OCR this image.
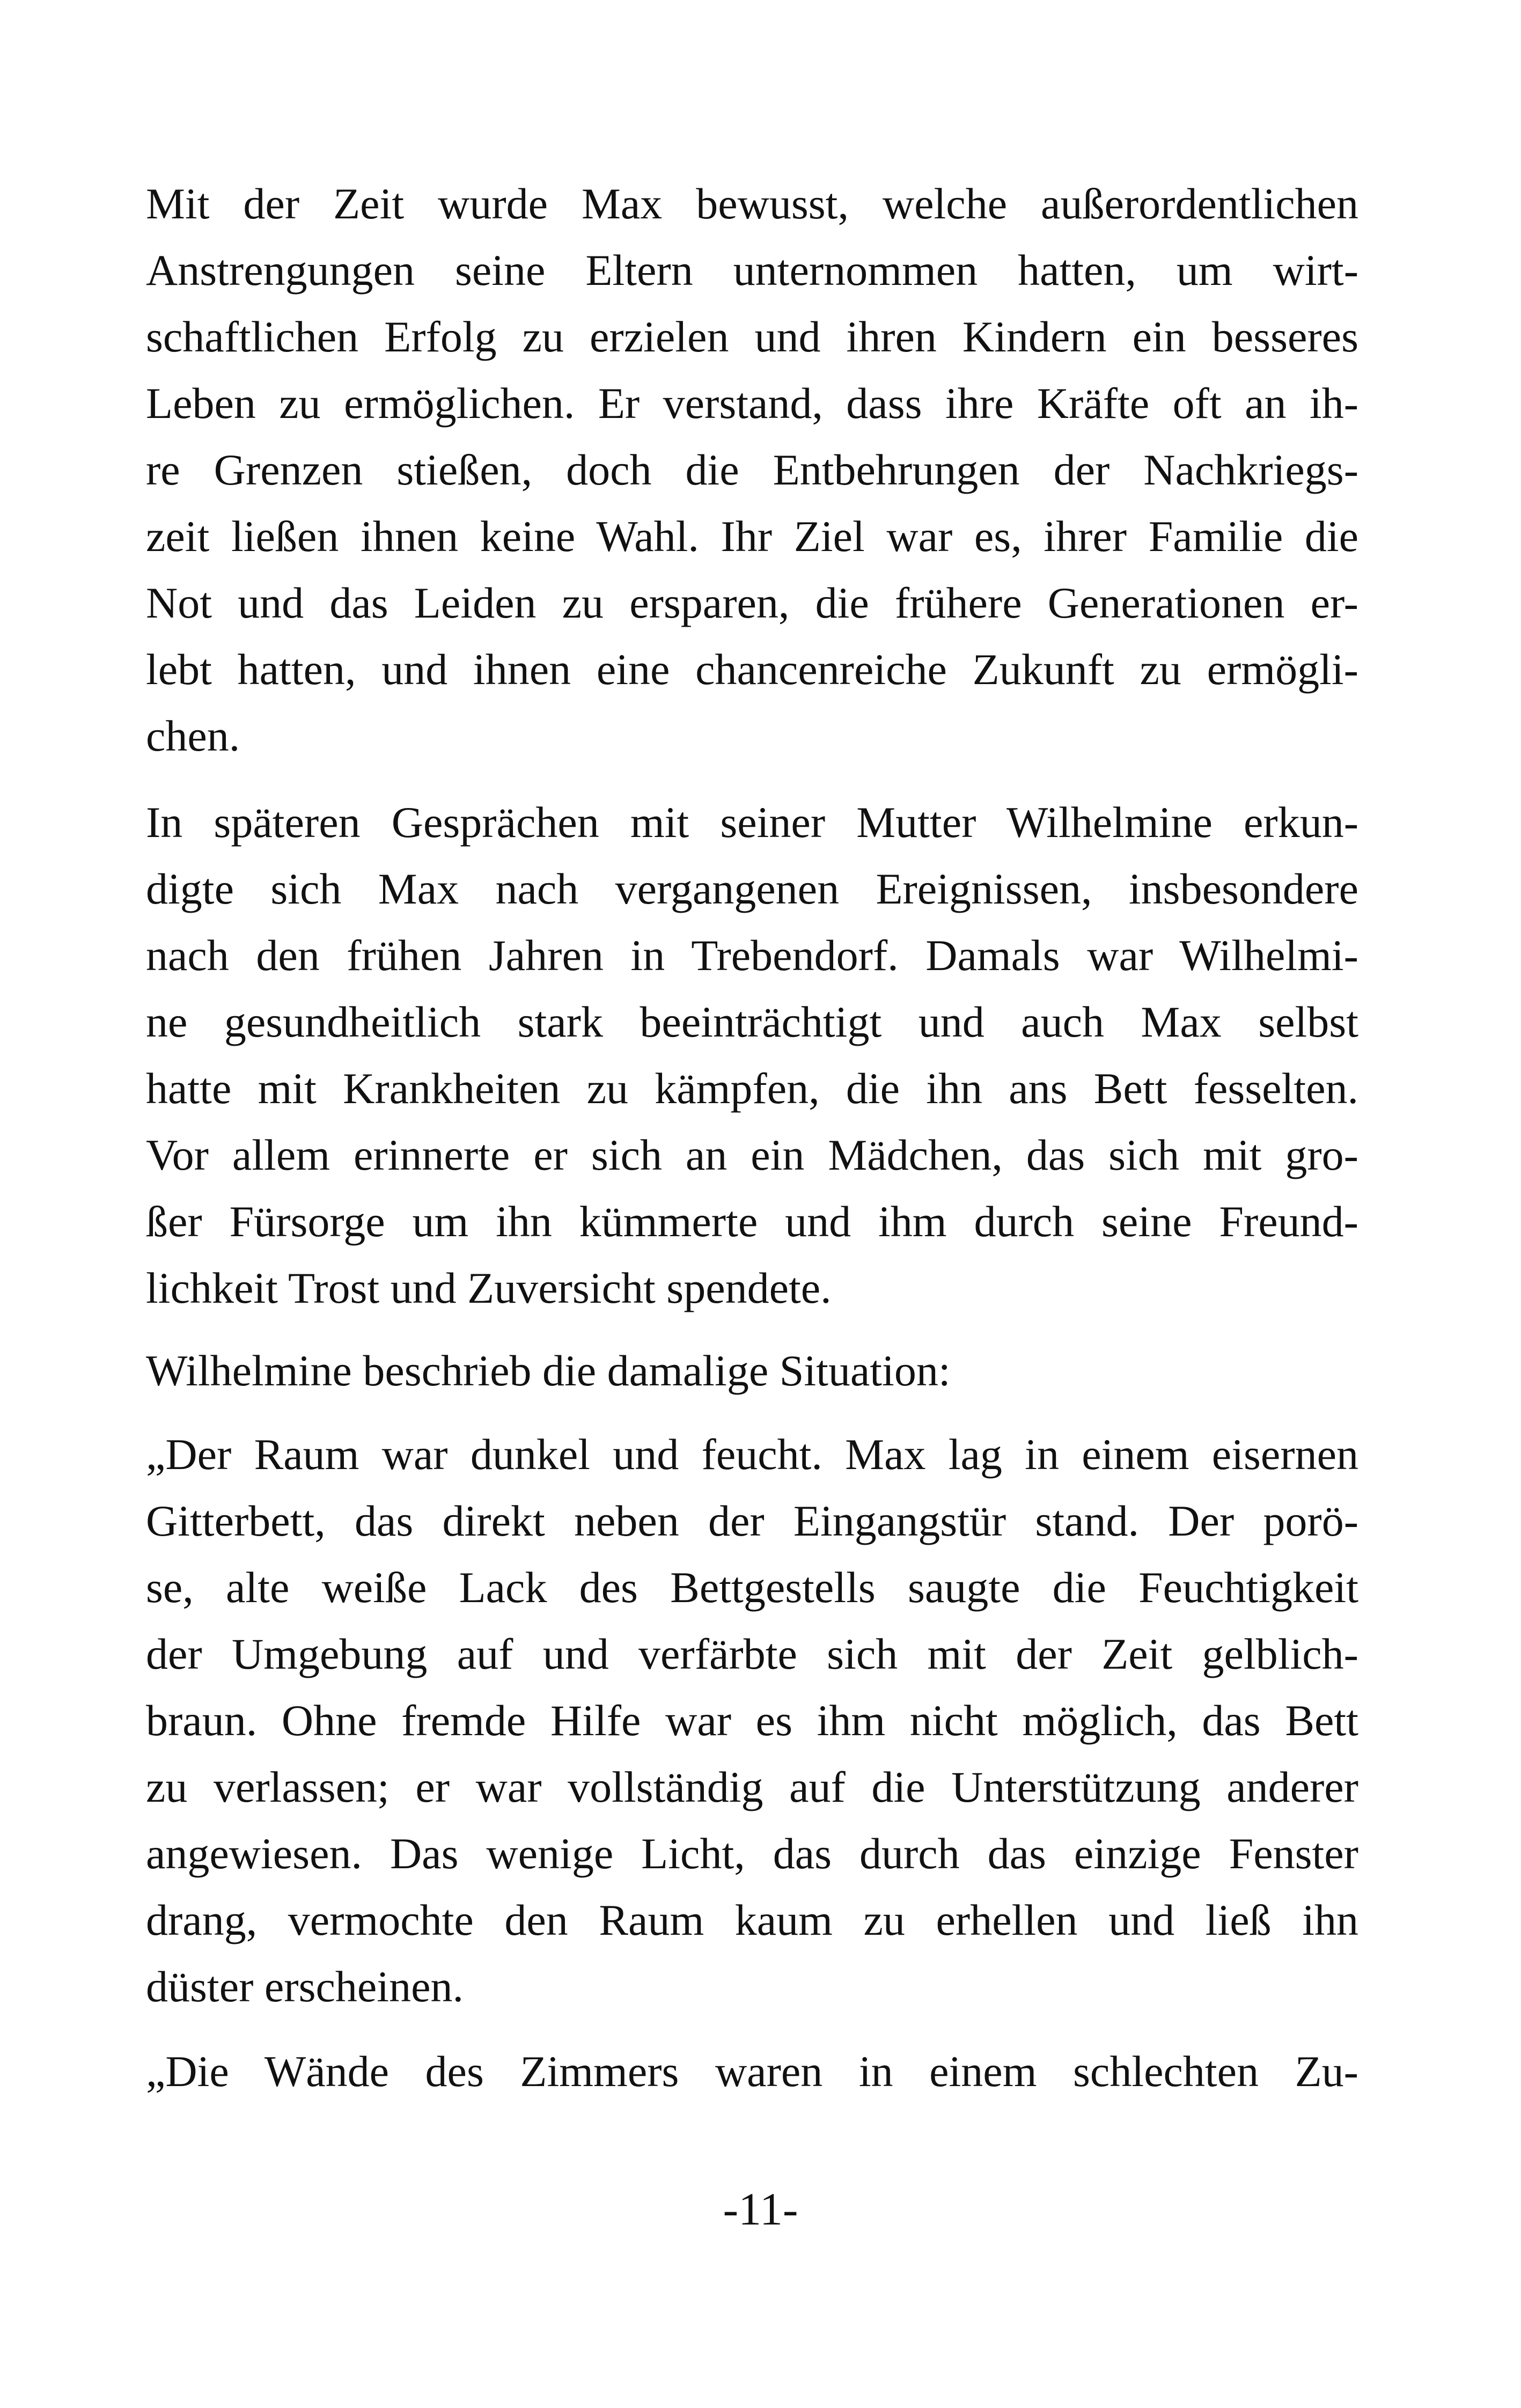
Mit der Zeit wurde Max bewusst, welche außerordentlichen
Anstrengungen seine Eltern unternommen hatten, um wirt-
schaftlichen Erfolg zu erzielen und ihren Kindern ein besseres
Leben zu ermöglichen. Er verstand, dass ihre Kräfte oft an ih-
re Grenzen stießen, doch die Entbehrungen der Nachkriegs-
zeit ließen ihnen keine Wahl. Ihr Ziel war es, ihrer Familie die
Not und das Leiden zu ersparen, die frühere Generationen er-
lebt hatten, und ihnen eine chancenreiche Zukunft zu ermögli-
chen.

In späteren Gesprächen mit seiner Mutter Wilhelmine erkun-
digte sich Max nach vergangenen Ereignissen, insbesondere
nach den frühen Jahren in Trebendorf. Damals war Wilhelmi-
ne gesundheitlich stark beeinträchtigt und auch Max selbst
hatte mit Krankheiten zu kämpfen, die ihn ans Bett fesselten.
Vor allem erinnerte er sich an ein Mädchen, das sich mit gro-
ßer Fürsorge um ihn kümmerte und ihm durch seine Freund-
lichkeit Trost und Zuversicht spendete.

Wilhelmine beschrieb die damalige Situation:

„Der Raum war dunkel und feucht. Max lag in einem eisernen
Gitterbett, das direkt neben der Eingangstür stand. Der porö-
se, alte weiße Lack des Bettgestells saugte die Feuchtigkeit
der Umgebung auf und verfärbte sich mit der Zeit gelblich-
braun. Ohne fremde Hilfe war es ihm nicht möglich, das Bett
zu verlassen; er war vollständig auf die Unterstützung anderer
angewiesen. Das wenige Licht, das durch das einzige Fenster
drang, vermochte den Raum kaum zu erhellen und ließ ihn
düster erscheinen.

„Die Wände des Zimmers waren in einem schlechten Zu-

-11-
